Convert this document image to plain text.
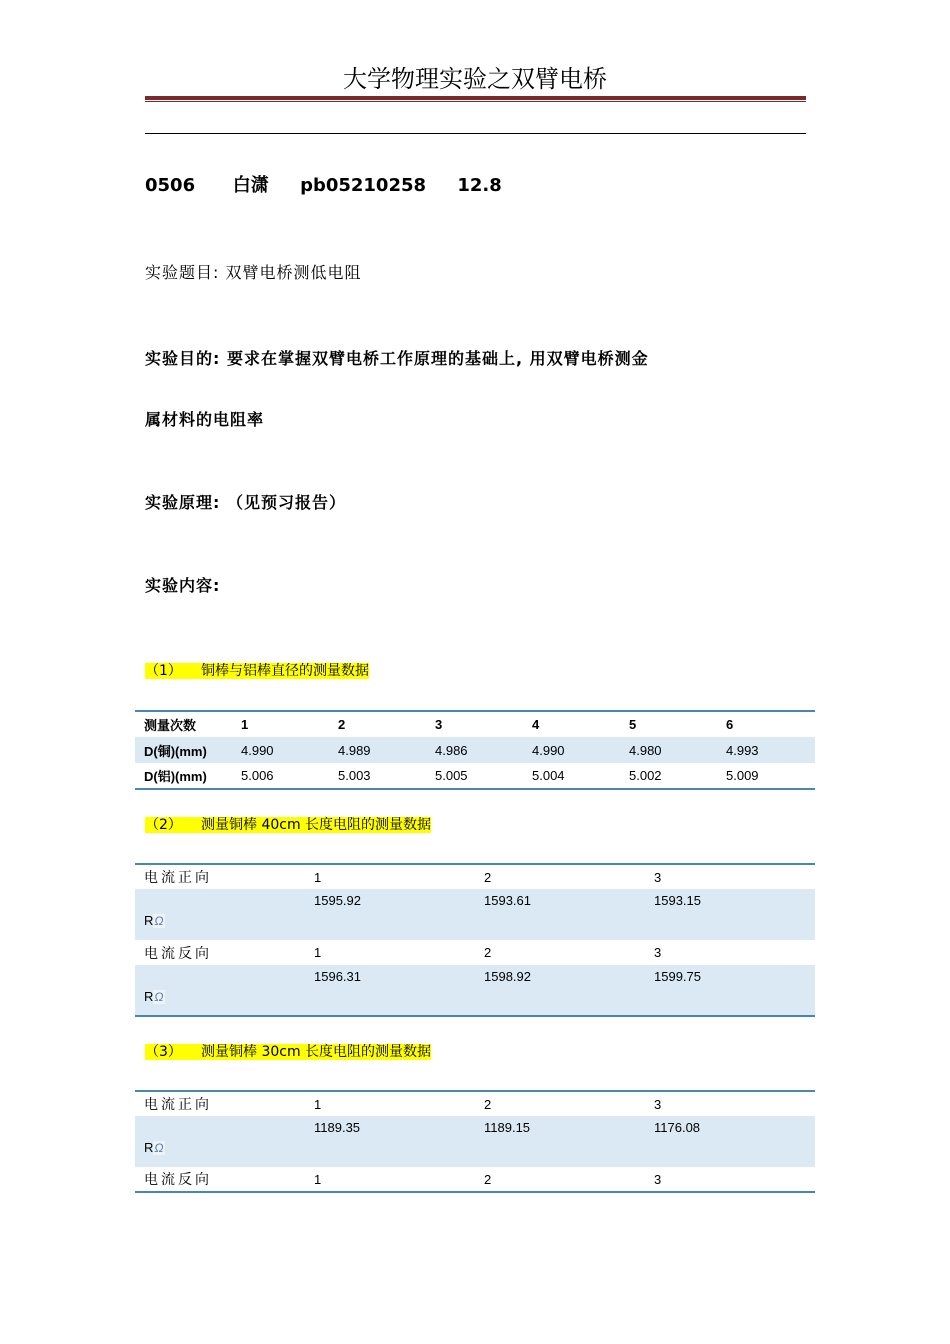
大学物理实验之双臂电桥
0506 白潇 pb05210258 12.8
实验题目: 双臂电桥测低电阻
实验目的: 要求在掌握双臂电桥工作原理的基础上, 用双臂电桥测金
属材料的电阻率
实验原理: （见预习报告）
实验内容:
（1） 铜棒与铝棒直径的测量数据
测量次数	1	2	3	4	5	6
D(铜)(mm)	4.990	4.989	4.986	4.990	4.980	4.993
D(铝)(mm)	5.006	5.003	5.005	5.004	5.002	5.009
（2） 测量铜棒 40cm 长度电阻的测量数据
电流正向	1	2	3
RΩ	1595.92	1593.61	1593.15
电流反向	1	2	3
RΩ	1596.31	1598.92	1599.75
（3） 测量铜棒 30cm 长度电阻的测量数据
电流正向	1	2	3
RΩ	1189.35	1189.15	1176.08
电流反向	1	2	3
